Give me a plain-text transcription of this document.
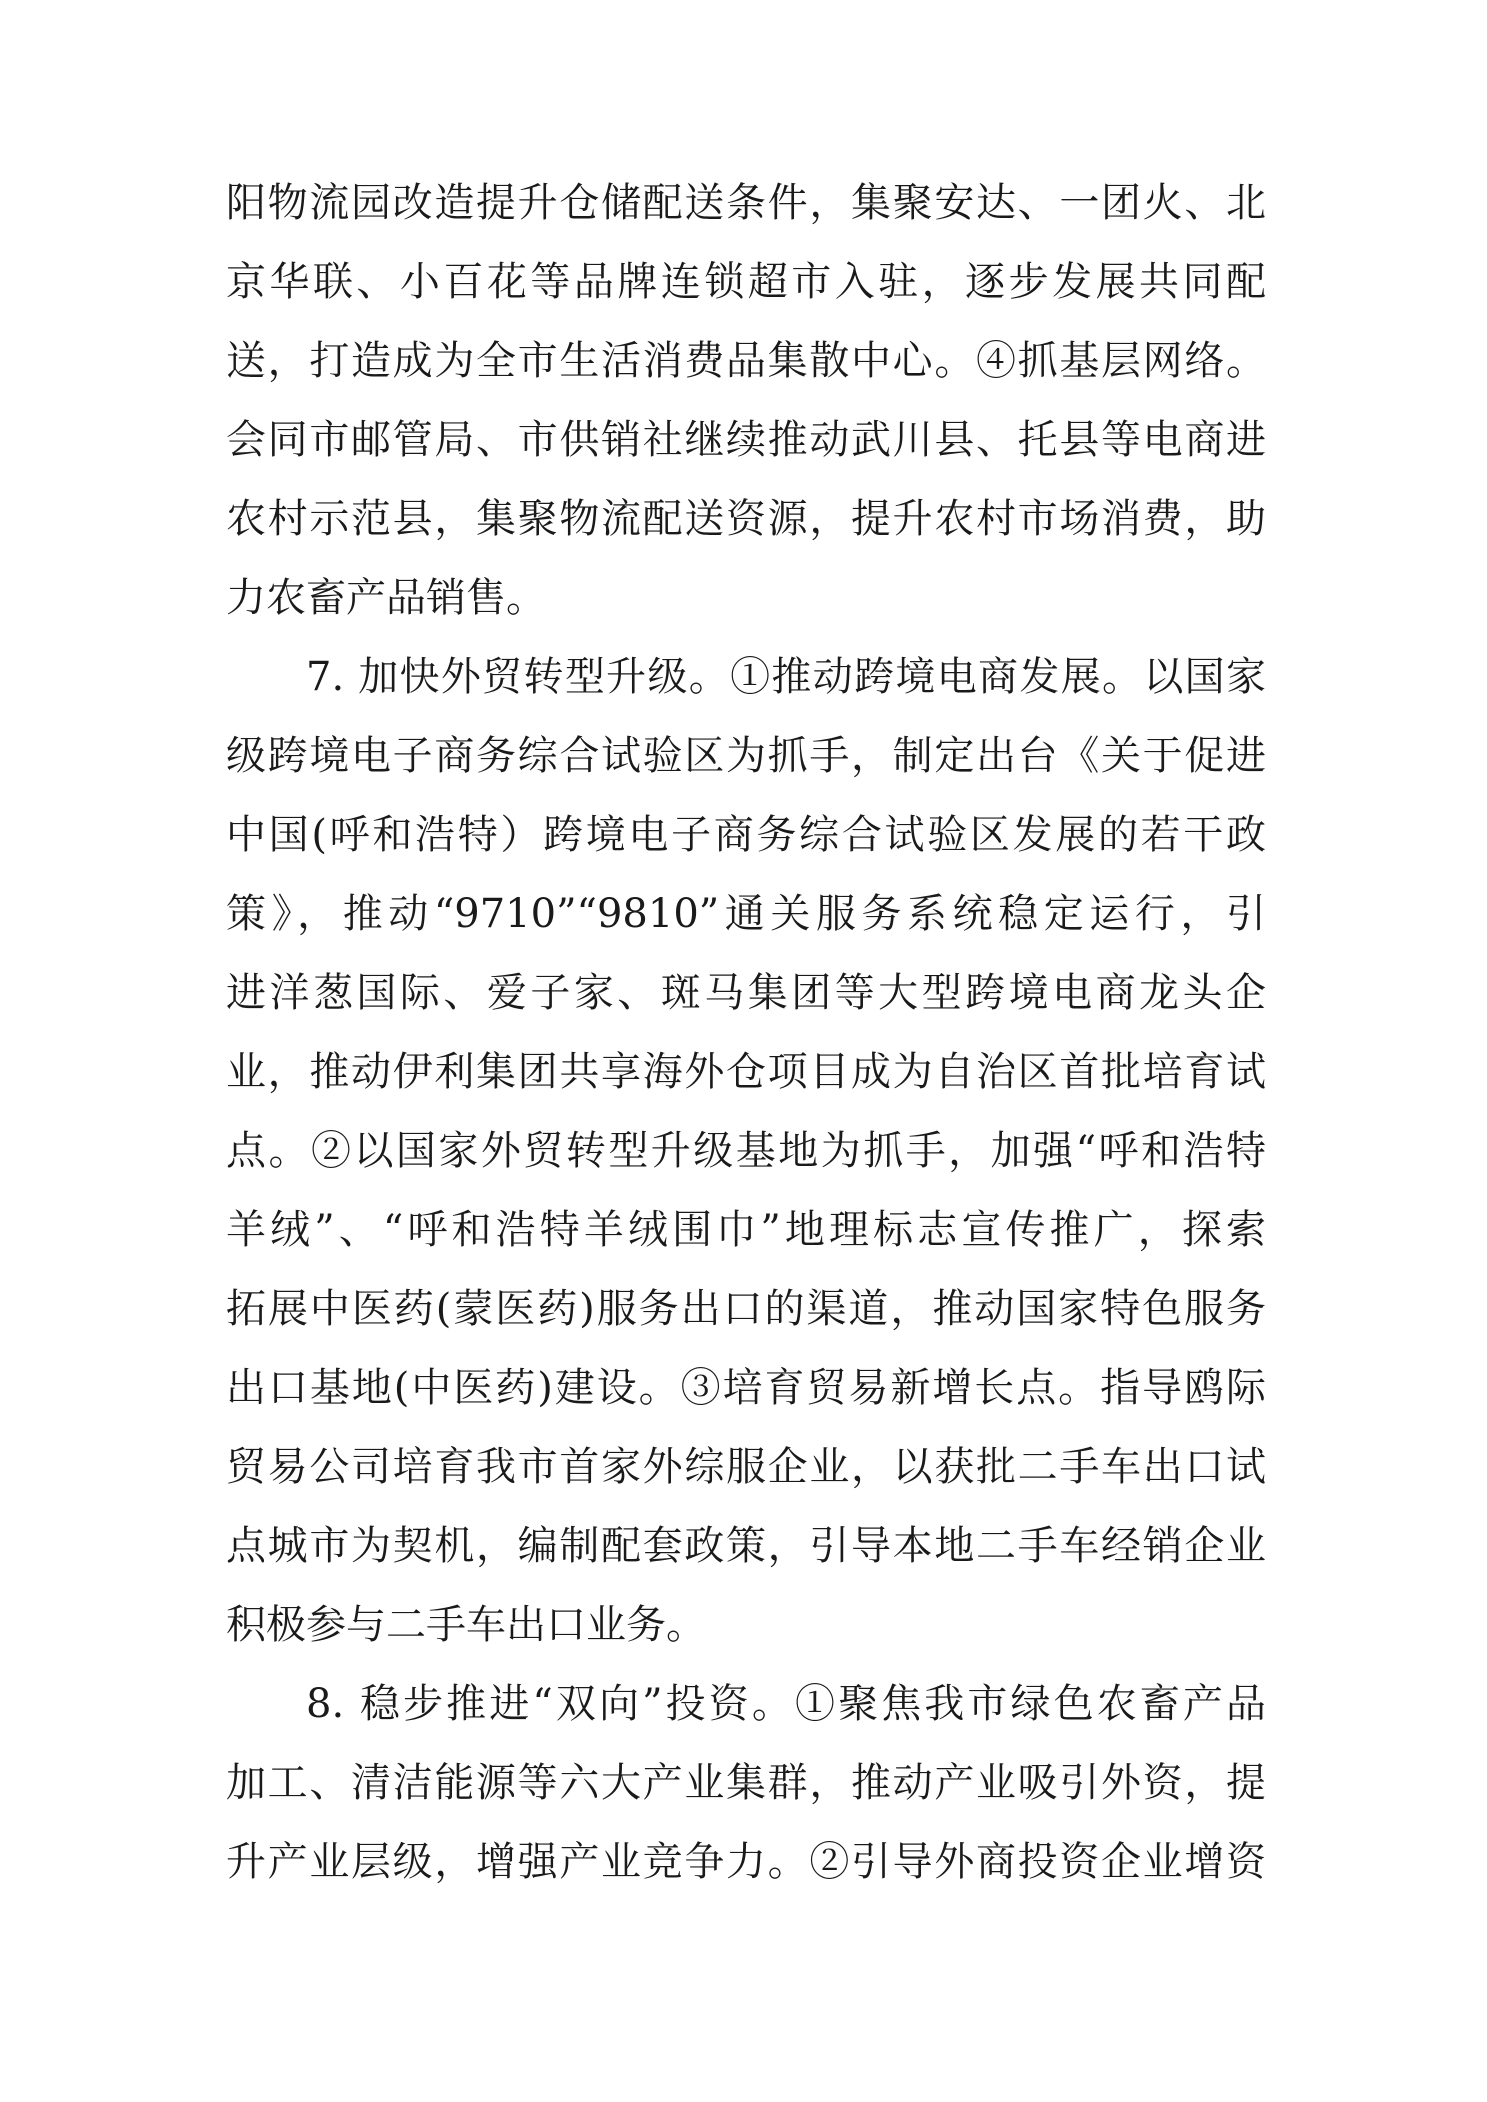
阳物流园改造提升仓储配送条件，集聚安达、一团火、北
京华联、小百花等品牌连锁超市入驻，逐步发展共同配
送，打造成为全市生活消费品集散中心。④抓基层网络。
会同市邮管局、市供销社继续推动武川县、托县等电商进
农村示范县，集聚物流配送资源，提升农村市场消费，助
力农畜产品销售。
7. 加快外贸转型升级。①推动跨境电商发展。以国家
级跨境电子商务综合试验区为抓手，制定出台《关于促进
中国(呼和浩特）跨境电子商务综合试验区发展的若干政
策》，推动“9710”“9810”通关服务系统稳定运行，引
进洋葱国际、爱子家、斑马集团等大型跨境电商龙头企
业，推动伊利集团共享海外仓项目成为自治区首批培育试
点。②以国家外贸转型升级基地为抓手，加强“呼和浩特
羊绒”、“呼和浩特羊绒围巾”地理标志宣传推广，探索
拓展中医药(蒙医药)服务出口的渠道，推动国家特色服务
出口基地(中医药)建设。③培育贸易新增长点。指导鸥际
贸易公司培育我市首家外综服企业，以获批二手车出口试
点城市为契机，编制配套政策，引导本地二手车经销企业
积极参与二手车出口业务。
8. 稳步推进“双向”投资。①聚焦我市绿色农畜产品
加工、清洁能源等六大产业集群，推动产业吸引外资，提
升产业层级，增强产业竞争力。②引导外商投资企业增资
